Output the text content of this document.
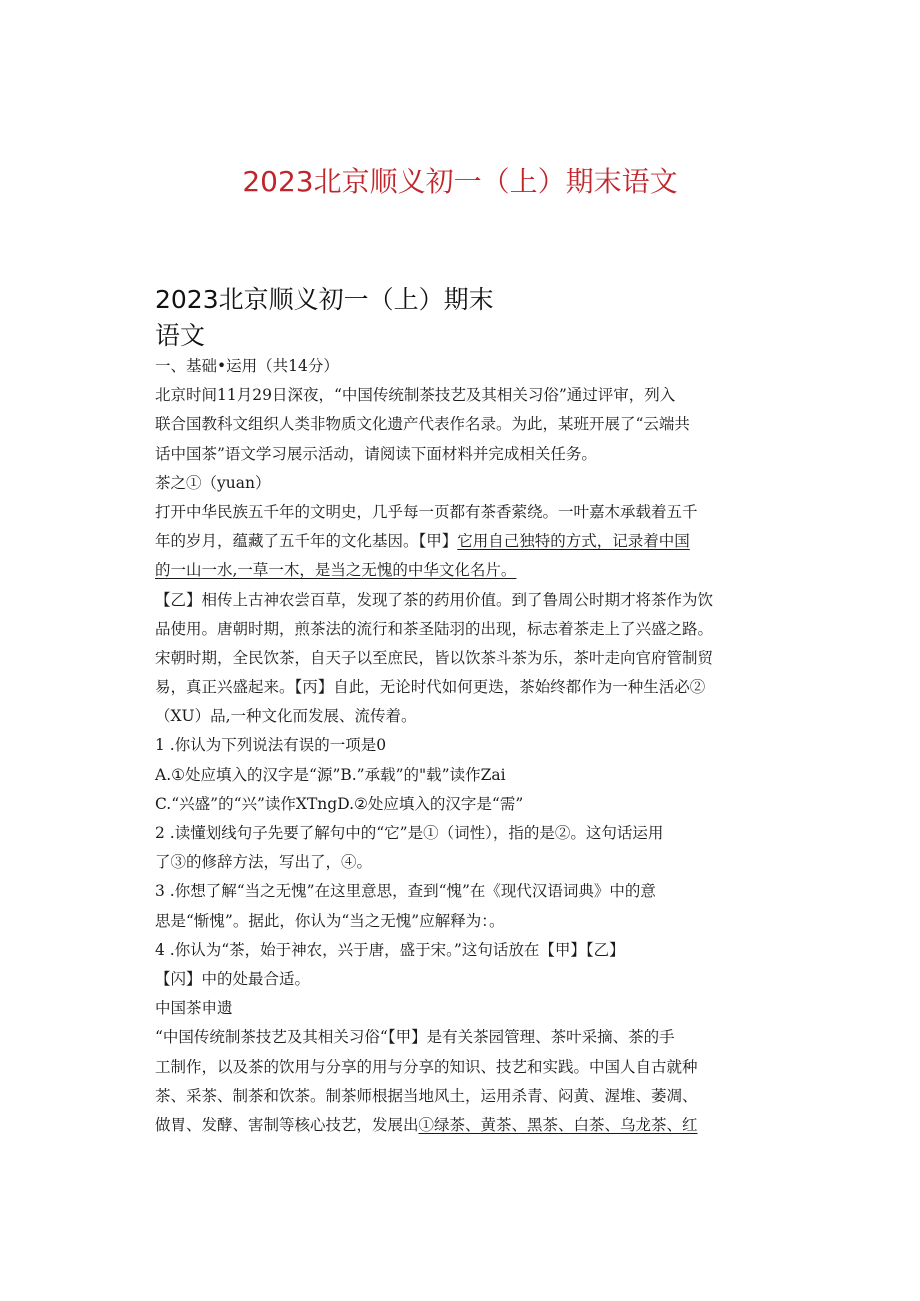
2023北京顺义初一（上）期末语文
2023北京顺义初一（上）期末
语文
一、基础•运用（共14分）
北京时间11月29日深夜，“中国传统制茶技艺及其相关习俗”通过评审，列入
联合国教科文组织人类非物质文化遗产代表作名录。为此，某班开展了“云端共
话中国茶”语文学习展示活动，请阅读下面材料并完成相关任务。
茶之①（yuan）
打开中华民族五千年的文明史，几乎每一页都有茶香萦绕。一叶嘉木承载着五千
年的岁月，蕴藏了五千年的文化基因。【甲】它用自己独特的方式，记录着中国
的一山一水,一草一木，是当之无愧的中华文化名片。
【乙】相传上古神农尝百草，发现了茶的药用价值。到了鲁周公时期才将茶作为饮
品使用。唐朝时期，煎茶法的流行和茶圣陆羽的出现，标志着茶走上了兴盛之路。
宋朝时期，全民饮茶，自天子以至庶民，皆以饮茶斗茶为乐，茶叶走向官府管制贸
易，真正兴盛起来。【丙】自此，无论时代如何更迭，茶始终都作为一种生活必②
（XU）品,一种文化而发展、流传着。
1 .你认为下列说法有误的一项是0
A.①处应填入的汉字是“源”B.”承载”的"载”读作Zai
C.“兴盛”的“兴”读作XTngD.②处应填入的汉字是“需”
2 .读懂划线句子先要了解句中的“它”是①（词性），指的是②。这句话运用
了③的修辞方法，写出了，④。
3 .你想了解“当之无愧”在这里意思，查到“愧”在《现代汉语词典》中的意
思是“惭愧”。据此，你认为“当之无愧”应解释为：。
4 .你认为“茶，始于神农，兴于唐，盛于宋。”这句话放在【甲】【乙】
【闪】中的处最合适。
中国茶申遗
“中国传统制茶技艺及其相关习俗“【甲】是有关茶园管理、茶叶采摘、茶的手
工制作，以及茶的饮用与分享的用与分享的知识、技艺和实践。中国人自古就种
茶、采茶、制茶和饮茶。制茶师根据当地风土，运用杀青、闷黄、渥堆、萎凋、
做胃、发酵、害制等核心技艺，发展出①绿茶、黄茶、黑茶、白茶、乌龙茶、红
